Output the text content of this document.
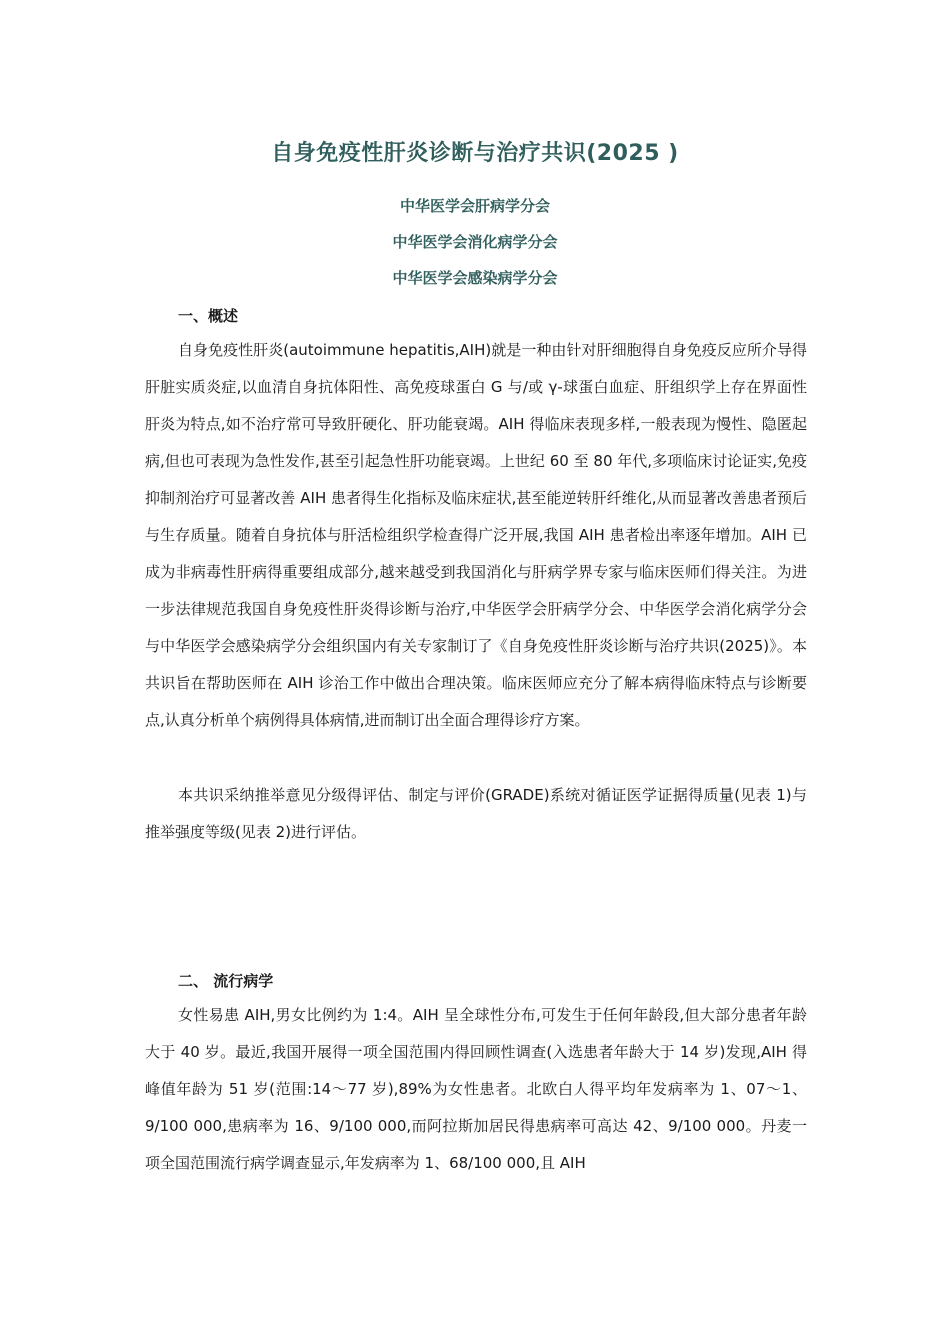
自身免疫性肝炎诊断与治疗共识(2025 )
中华医学会肝病学分会
中华医学会消化病学分会
中华医学会感染病学分会
一、概述

自身免疫性肝炎(autoimmune hepatitis,AIH)就是一种由针对肝细胞得自身免疫反应所介导得肝脏实质炎症,以血清自身抗体阳性、高免疫球蛋白 G 与/或 γ-球蛋白血症、肝组织学上存在界面性肝炎为特点,如不治疗常可导致肝硬化、肝功能衰竭。AIH 得临床表现多样,一般表现为慢性、隐匿起病,但也可表现为急性发作,甚至引起急性肝功能衰竭。上世纪 60 至 80 年代,多项临床讨论证实,免疫抑制剂治疗可显著改善 AIH 患者得生化指标及临床症状,甚至能逆转肝纤维化,从而显著改善患者预后与生存质量。随着自身抗体与肝活检组织学检查得广泛开展,我国 AIH 患者检出率逐年增加。AIH 已成为非病毒性肝病得重要组成部分,越来越受到我国消化与肝病学界专家与临床医师们得关注。为进一步法律规范我国自身免疫性肝炎得诊断与治疗,中华医学会肝病学分会、中华医学会消化病学分会与中华医学会感染病学分会组织国内有关专家制订了《自身免疫性肝炎诊断与治疗共识(2025)》。本共识旨在帮助医师在 AIH 诊治工作中做出合理决策。临床医师应充分了解本病得临床特点与诊断要点,认真分析单个病例得具体病情,进而制订出全面合理得诊疗方案。

本共识采纳推举意见分级得评估、制定与评价(GRADE)系统对循证医学证据得质量(见表 1)与推举强度等级(见表 2)进行评估。

二、 流行病学

女性易患 AIH,男女比例约为 1:4。AIH 呈全球性分布,可发生于任何年龄段,但大部分患者年龄大于 40 岁。最近,我国开展得一项全国范围内得回顾性调查(入选患者年龄大于 14 岁)发现,AIH 得峰值年龄为 51 岁(范围:14～77 岁),89%为女性患者。北欧白人得平均年发病率为 1、07～1、9/100 000,患病率为 16、9/100 000,而阿拉斯加居民得患病率可高达 42、9/100 000。丹麦一项全国范围流行病学调查显示,年发病率为 1、68/100 000,且 AIH
